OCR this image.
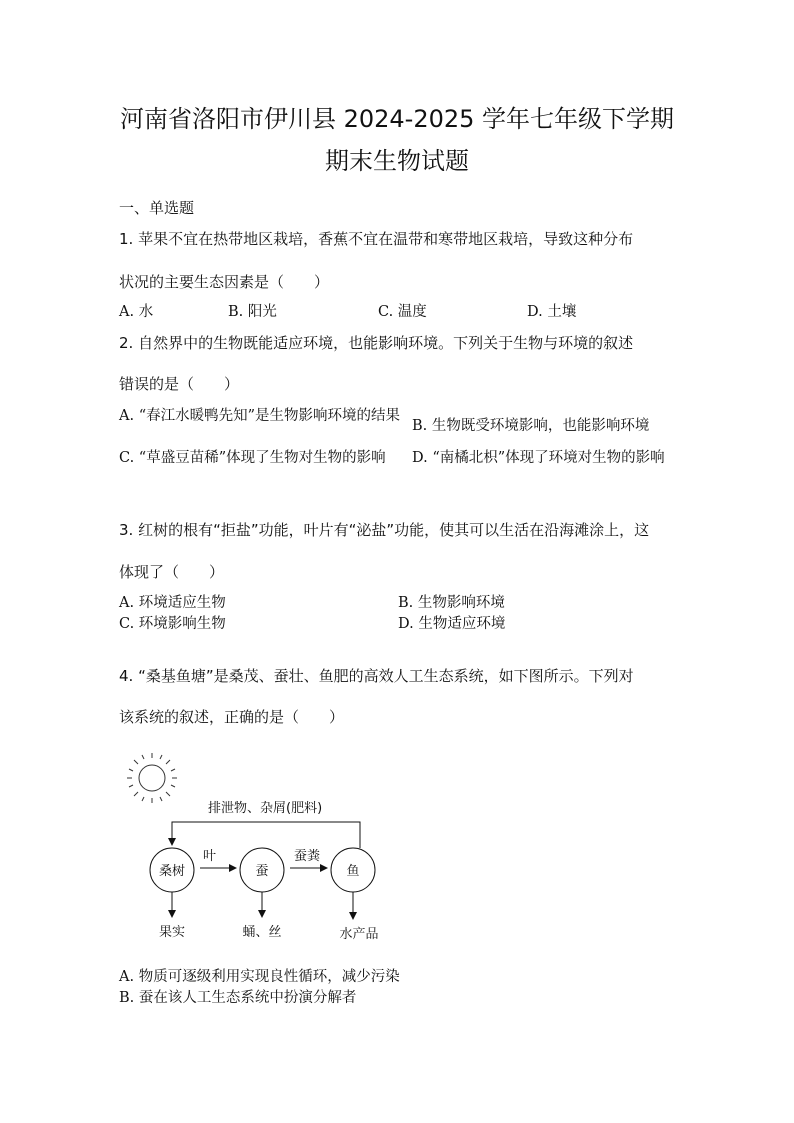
河南省洛阳市伊川县 2024-2025 学年七年级下学期
期末生物试题
一、单选题
1. 苹果不宜在热带地区栽培，香蕉不宜在温带和寒带地区栽培，导致这种分布
状况的主要生态因素是（　　）
A. 水	B. 阳光	C. 温度	D. 土壤
2. 自然界中的生物既能适应环境，也能影响环境。下列关于生物与环境的叙述
错误的是（　　）
A. “春江水暖鸭先知”是生物影响环境的结果
B. 生物既受环境影响，也能影响环境
C. “草盛豆苗稀”体现了生物对生物的影响	D. “南橘北枳”体现了环境对生物的影响
3. 红树的根有“拒盐”功能，叶片有“泌盐”功能，使其可以生活在沿海滩涂上，这
体现了（　　）
A. 环境适应生物	B. 生物影响环境
C. 环境影响生物	D. 生物适应环境
4. “桑基鱼塘”是桑茂、蚕壮、鱼肥的高效人工生态系统，如下图所示。下列对
该系统的叙述，正确的是（　　）
排泄物、杂屑(肥料)
桑树	蚕	鱼
叶	蚕粪
果实	蛹、丝	水产品
A. 物质可逐级利用实现良性循环，减少污染
B. 蚕在该人工生态系统中扮演分解者
